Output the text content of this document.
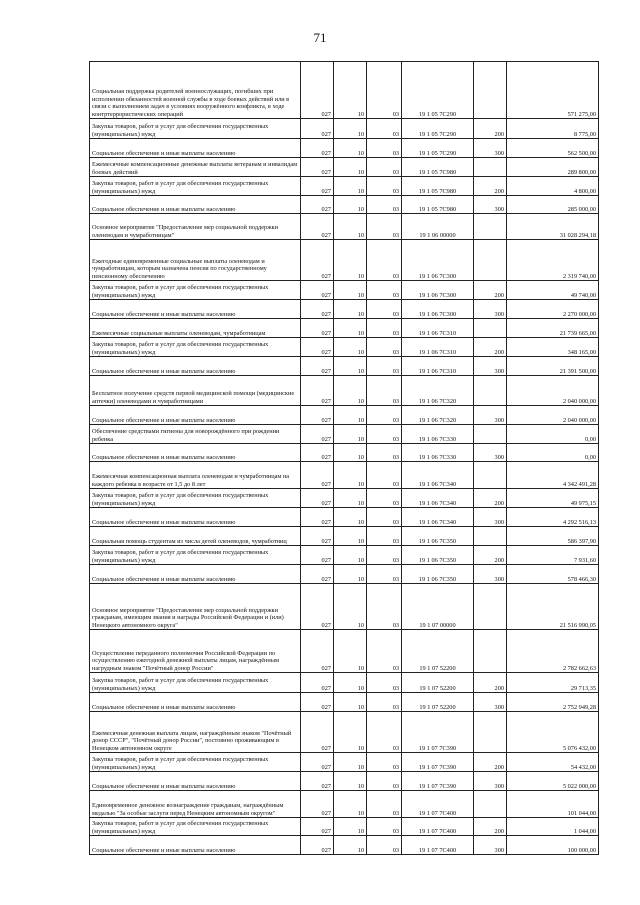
71
Социальная поддержка родителей военнослужащих, погибших при исполнении обязанностей военной службы в ходе боевых действий или в связи с выполнением задач в условиях вооружённого конфликта, в ходе контртеррористических операций	027	10	03	19 1 05 7С290		571 275,00
Закупка товаров, работ и услуг для обеспечения государственных (муниципальных) нужд	027	10	03	19 1 05 7С290	200	8 775,00
Социальное обеспечение и иные выплаты населению	027	10	03	19 1 05 7С290	300	562 500,00
Ежемесячные компенсационные денежные выплаты ветеранам и инвалидам боевых действий	027	10	03	19 1 05 7С980		289 800,00
Закупка товаров, работ и услуг для обеспечения государственных (муниципальных) нужд	027	10	03	19 1 05 7С980	200	4 800,00
Социальное обеспечение и иные выплаты населению	027	10	03	19 1 05 7С980	300	285 000,00
Основное мероприятие "Предоставление мер социальной поддержки оленеводам и чумработницам"	027	10	03	19 1 06 00000		31 028 294,18
Ежегодные единовременные социальные выплаты оленеводам и чумработницам, которым назначена пенсия по государственному пенсионному обеспечению	027	10	03	19 1 06 7С300		2 319 740,00
Закупка товаров, работ и услуг для обеспечения государственных (муниципальных) нужд	027	10	03	19 1 06 7С300	200	49 740,00
Социальное обеспечение и иные выплаты населению	027	10	03	19 1 06 7С300	300	2 270 000,00
Ежемесячные социальные выплаты оленеводам, чумработницам	027	10	03	19 1 06 7С310		21 739 665,00
Закупка товаров, работ и услуг для обеспечения государственных (муниципальных) нужд	027	10	03	19 1 06 7С310	200	348 165,00
Социальное обеспечение и иные выплаты населению	027	10	03	19 1 06 7С310	300	21 391 500,00
Бесплатное получение средств первой медицинской помощи (медицинские аптечки) оленеводами и чумработницами	027	10	03	19 1 06 7С320		2 040 000,00
Социальное обеспечение и иные выплаты населению	027	10	03	19 1 06 7С320	300	2 040 000,00
Обеспечение средствами гигиены для новорождённого при рождении ребенка	027	10	03	19 1 06 7С330		0,00
Социальное обеспечение и иные выплаты населению	027	10	03	19 1 06 7С330	300	0,00
Ежемесячная компенсационная выплата оленеводам и чумработницам на каждого ребенка в возрасте от 1,5 до 8 лет	027	10	03	19 1 06 7С340		4 342 491,28
Закупка товаров, работ и услуг для обеспечения государственных (муниципальных) нужд	027	10	03	19 1 06 7С340	200	49 975,15
Социальное обеспечение и иные выплаты населению	027	10	03	19 1 06 7С340	300	4 292 516,13
Социальная помощь студентам из числа детей оленеводов, чумработниц	027	10	03	19 1 06 7С350		586 397,90
Закупка товаров, работ и услуг для обеспечения государственных (муниципальных) нужд	027	10	03	19 1 06 7С350	200	7 931,60
Социальное обеспечение и иные выплаты населению	027	10	03	19 1 06 7С350	300	578 466,30
Основное мероприятие "Предоставление мер социальной поддержки гражданам, имеющим звания и награды Российской Федерации и (или) Ненецкого автономного округа"	027	10	03	19 1 07 00000		21 516 990,05
Осуществление переданного полномочия Российской Федерации по осуществлению ежегодной денежной выплаты лицам, награждённым нагрудным знаком "Почётный донор России"	027	10	03	19 1 07 52200		2 782 662,63
Закупка товаров, работ и услуг для обеспечения государственных (муниципальных) нужд	027	10	03	19 1 07 52200	200	29 713,35
Социальное обеспечение и иные выплаты населению	027	10	03	19 1 07 52200	300	2 752 949,28
Ежемесячная денежная выплата лицам, награждённым знаком "Почётный донор СССР", "Почётный донор России", постоянно проживающим в Ненецком автономном округе	027	10	03	19 1 07 7С390		5 076 432,00
Закупка товаров, работ и услуг для обеспечения государственных (муниципальных) нужд	027	10	03	19 1 07 7С390	200	54 432,00
Социальное обеспечение и иные выплаты населению	027	10	03	19 1 07 7С390	300	5 022 000,00
Единовременное денежное вознаграждение гражданам, награждённым медалью "За особые заслуги перед Ненецким автономным округом"	027	10	03	19 1 07 7С400		101 044,00
Закупка товаров, работ и услуг для обеспечения государственных (муниципальных) нужд	027	10	03	19 1 07 7С400	200	1 044,00
Социальное обеспечение и иные выплаты населению	027	10	03	19 1 07 7С400	300	100 000,00
